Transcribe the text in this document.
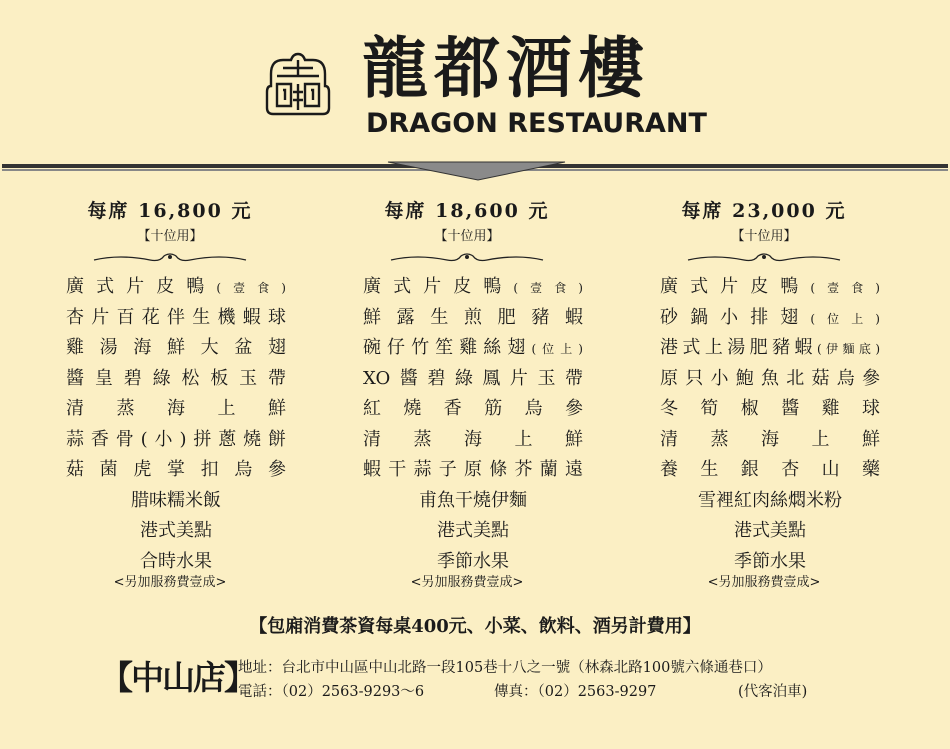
龍都酒樓
DRAGON RESTAURANT
每席 16,800 元
【十位用】
廣式片皮鴨(壹食)
杏片百花伴生機蝦球
雞湯海鮮大盆翅
醬皇碧綠松板玉帶
清蒸海上鮮
蒜香骨(小)拼蔥燒餅
菇菌虎掌扣烏參
腊味糯米飯
港式美點
合時水果
<另加服務費壹成>
每席 18,600 元
【十位用】
廣式片皮鴨(壹食)
鮮露生煎肥豬蝦
碗仔竹笙雞絲翅(位上)
XO醬碧綠鳳片玉帶
紅燒香筋烏參
清蒸海上鮮
蝦干蒜子原條芥蘭遠
甫魚干燒伊麵
港式美點
季節水果
<另加服務費壹成>
每席 23,000 元
【十位用】
廣式片皮鴨(壹食)
砂鍋小排翅(位上)
港式上湯肥豬蝦(伊麵底)
原只小鮑魚北菇烏參
冬筍椒醬雞球
清蒸海上鮮
養生銀杏山藥
雪裡紅肉絲燜米粉
港式美點
季節水果
<另加服務費壹成>
【包廂消費茶資每桌400元、小菜、飲料、酒另計費用】
【中山店】
地址：台北市中山區中山北路一段105巷十八之一號（林森北路100號六條通巷口）
電話：（02）2563-9293～6	傳真：（02）2563-9297	(代客泊車)
